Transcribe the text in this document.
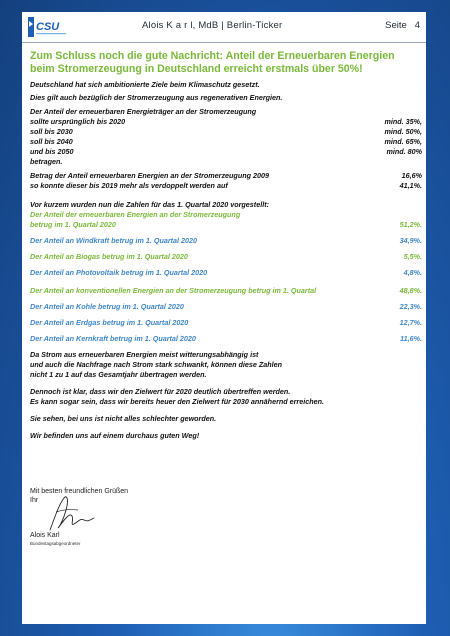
CSU	Alois K a r l, MdB | Berlin-Ticker	Seite 4
Zum Schluss noch die gute Nachricht: Anteil der Erneuerbaren Energien beim Stromerzeugung in Deutschland erreicht erstmals über 50%!
Deutschland hat sich ambitionierte Ziele beim Klimaschutz gesetzt.
Dies gilt auch bezüglich der Stromerzeugung aus regenerativen Energien.
Der Anteil der erneuerbaren Energieträger an der Stromerzeugung
sollte ursprünglich bis 2020	mind. 35%,
soll bis 2030	mind. 50%,
soll bis 2040	mind. 65%,
und bis 2050	mind. 80%
betragen.
Betrag der Anteil erneuerbaren Energien an der Stromerzeugung 2009	16,6%
so konnte dieser bis 2019 mehr als verdoppelt werden auf	41,1%.
Vor kurzem wurden nun die Zahlen für das 1. Quartal 2020 vorgestellt:
Der Anteil der erneuerbaren Energien an der Stromerzeugung
betrug im 1. Quartal 2020	51,2%.
Der Anteil an Windkraft betrug im 1. Quartal 2020	34,9%.
Der Anteil an Biogas betrug im 1. Quartal 2020	5,5%.
Der Anteil an Photovoltaik betrug im 1. Quartal 2020	4,8%.
Der Anteil an konventionellen Energien an der Stromerzeugung betrug im 1. Quartal	48,8%.
Der Anteil an Kohle betrug im 1. Quartal 2020	22,3%.
Der Anteil an Erdgas betrug im 1. Quartal 2020	12,7%.
Der Anteil an Kernkraft betrug im 1. Quartal 2020	11,6%.
Da Strom aus erneuerbaren Energien meist witterungsabhängig ist
und auch die Nachfrage nach Strom stark schwankt, können diese Zahlen
nicht 1 zu 1 auf das Gesamtjahr übertragen werden.
Dennoch ist klar, dass wir den Zielwert für 2020 deutlich übertreffen werden.
Es kann sogar sein, dass wir bereits heuer den Zielwert für 2030 annähernd erreichen.
Sie sehen, bei uns ist nicht alles schlechter geworden.
Wir befinden uns auf einem durchaus guten Weg!
Mit besten freundlichen Grüßen
Ihr
Alois Karl
Bundestagsabgeordneter
